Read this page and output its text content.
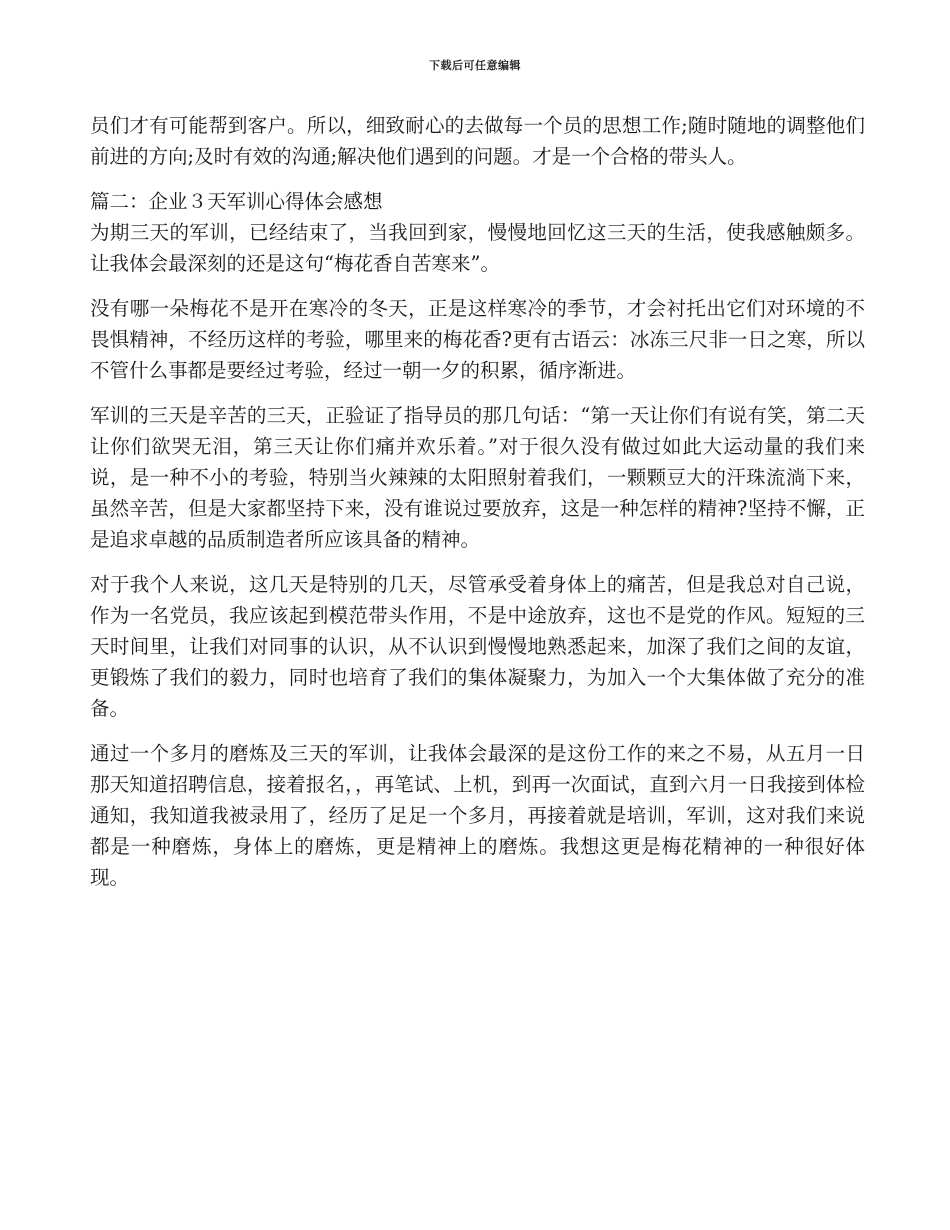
下载后可任意编辑

员们才有可能帮到客户。所以，细致耐心的去做每一个员的思想工作;随时随地的调整他们前进的方向;及时有效的沟通;解决他们遇到的问题。才是一个合格的带头人。

篇二：企业３天军训心得体会感想

为期三天的军训，已经结束了，当我回到家，慢慢地回忆这三天的生活，使我感触颇多。让我体会最深刻的还是这句“梅花香自苦寒来”。

没有哪一朵梅花不是开在寒冷的冬天，正是这样寒冷的季节，才会衬托出它们对环境的不畏惧精神，不经历这样的考验，哪里来的梅花香?更有古语云：冰冻三尺非一日之寒，所以不管什么事都是要经过考验，经过一朝一夕的积累，循序渐进。

军训的三天是辛苦的三天，正验证了指导员的那几句话：“第一天让你们有说有笑，第二天让你们欲哭无泪，第三天让你们痛并欢乐着。”对于很久没有做过如此大运动量的我们来说，是一种不小的考验，特别当火辣辣的太阳照射着我们，一颗颗豆大的汗珠流淌下来，虽然辛苦，但是大家都坚持下来，没有谁说过要放弃，这是一种怎样的精神?坚持不懈，正是追求卓越的品质制造者所应该具备的精神。

对于我个人来说，这几天是特别的几天，尽管承受着身体上的痛苦，但是我总对自己说，作为一名党员，我应该起到模范带头作用，不是中途放弃，这也不是党的作风。短短的三天时间里，让我们对同事的认识，从不认识到慢慢地熟悉起来，加深了我们之间的友谊，更锻炼了我们的毅力，同时也培育了我们的集体凝聚力，为加入一个大集体做了充分的准备。

通过一个多月的磨炼及三天的军训，让我体会最深的是这份工作的来之不易，从五月一日那天知道招聘信息，接着报名，，再笔试、上机，到再一次面试，直到六月一日我接到体检通知，我知道我被录用了，经历了足足一个多月，再接着就是培训，军训，这对我们来说都是一种磨炼，身体上的磨炼，更是精神上的磨炼。我想这更是梅花精神的一种很好体现。
